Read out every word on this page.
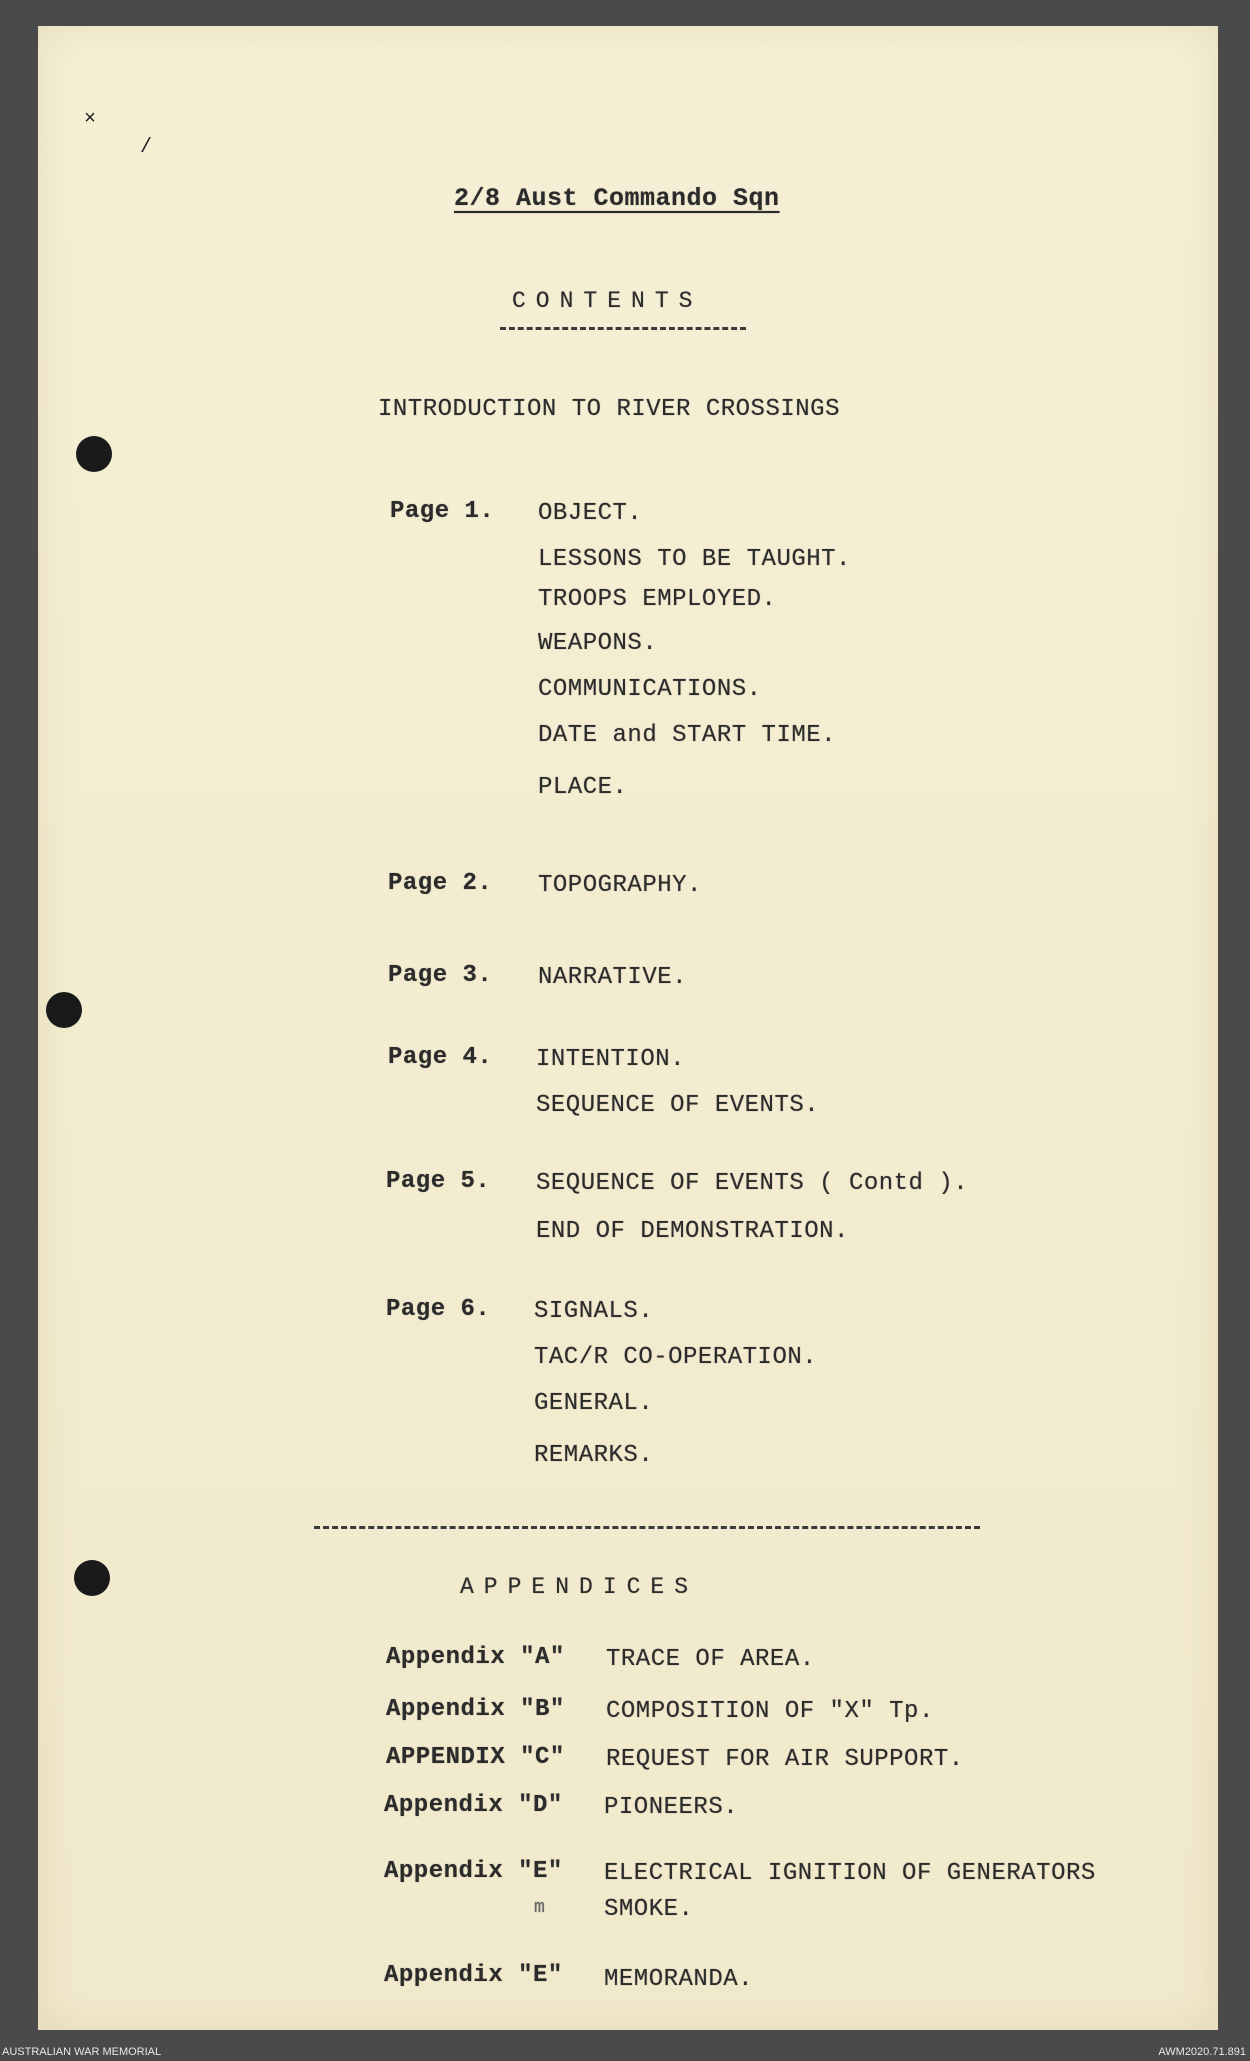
×
/
2/8 Aust Commando Sqn
CONTENTS
INTRODUCTION TO RIVER CROSSINGS
Page 1. OBJECT.
LESSONS TO BE TAUGHT.
TROOPS EMPLOYED.
WEAPONS.
COMMUNICATIONS.
DATE and START TIME.
PLACE.
Page 2. TOPOGRAPHY.
Page 3. NARRATIVE.
Page 4. INTENTION.
SEQUENCE OF EVENTS.
Page 5. SEQUENCE OF EVENTS ( Contd ).
END OF DEMONSTRATION.
Page 6. SIGNALS.
TAC/R CO-OPERATION.
GENERAL.
REMARKS.
APPENDICES
Appendix "A" TRACE OF AREA.
Appendix "B" COMPOSITION OF "X" Tp.
APPENDIX "C" REQUEST FOR AIR SUPPORT.
Appendix "D" PIONEERS.
Appendix "E" ELECTRICAL IGNITION OF GENERATORS
m SMOKE.
Appendix "E" MEMORANDA.
AUSTRALIAN WAR MEMORIAL	AWM2020.71.891
